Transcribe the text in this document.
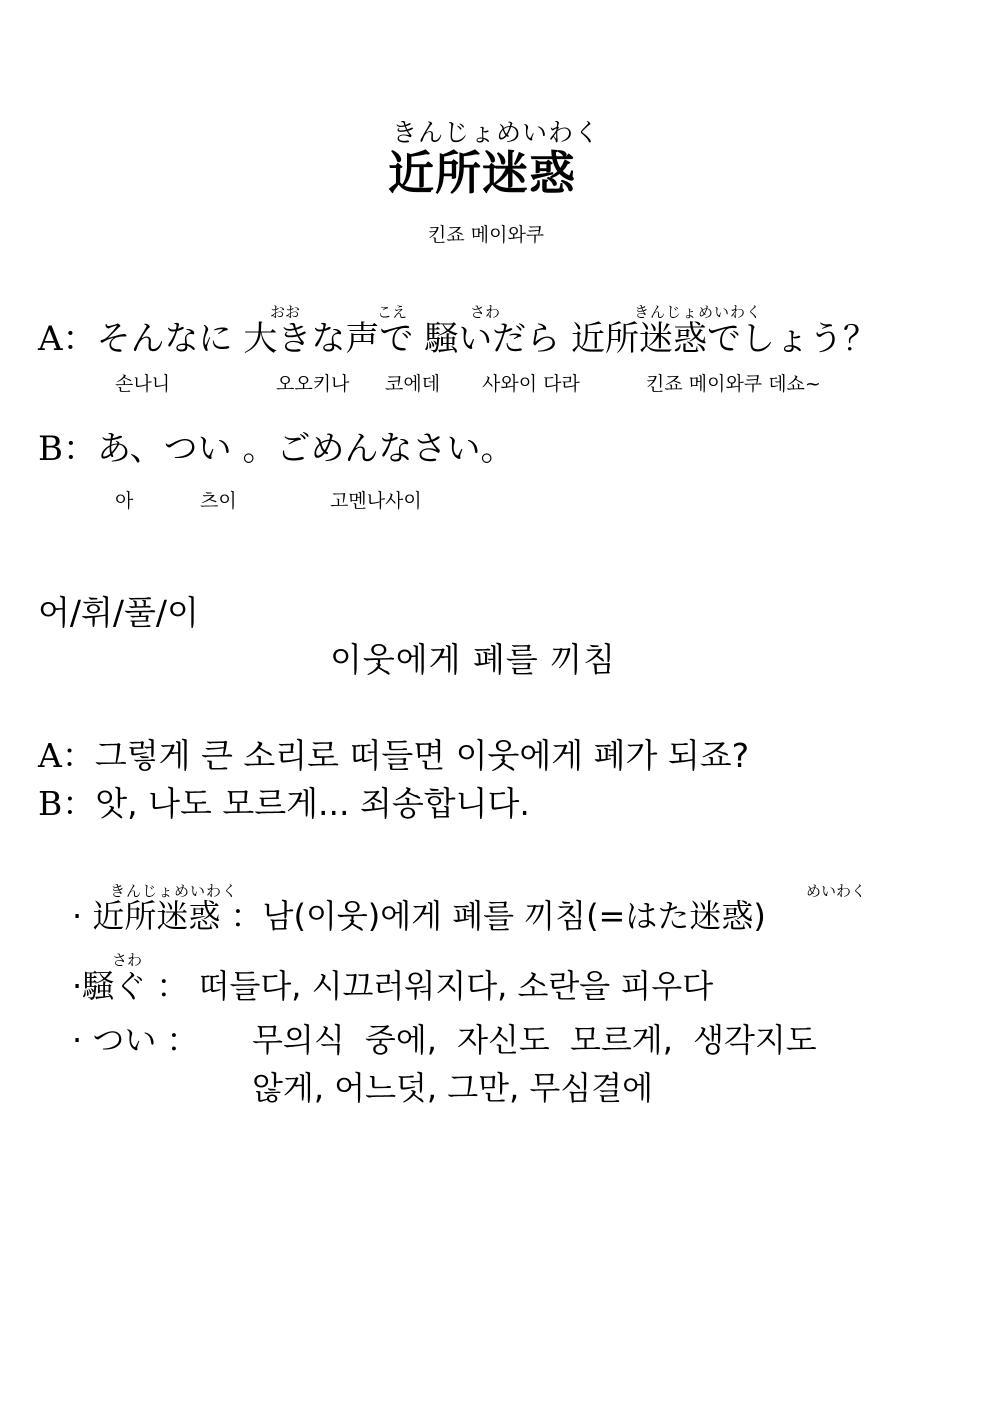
きんじょめいわく
近所迷惑
킨죠 메이와쿠
おお	こえ	さわ	きんじょめいわく
A：そんなに 大きな声で 騒いだら 近所迷惑でしょう？
손나니	오오키나 코에데 사와이 다라	킨죠 메이와쿠 데쇼~
B：あ、つい 。ごめんなさい。
아	츠이	고멘나사이
어/휘/풀/이
이웃에게 폐를 끼침
A：그렇게 큰 소리로 떠들면 이웃에게 폐가 되죠?
B：앗, 나도 모르게... 죄송합니다.
きんじょめいわく	めいわく
· 近所迷惑 ：남(이웃)에게 폐를 끼침(=はた迷惑)
さわ
·騒ぐ ： 떠들다, 시끄러워지다, 소란을 피우다
· つい ： 무의식 중에, 자신도 모르게, 생각지도
않게, 어느덧, 그만, 무심결에
